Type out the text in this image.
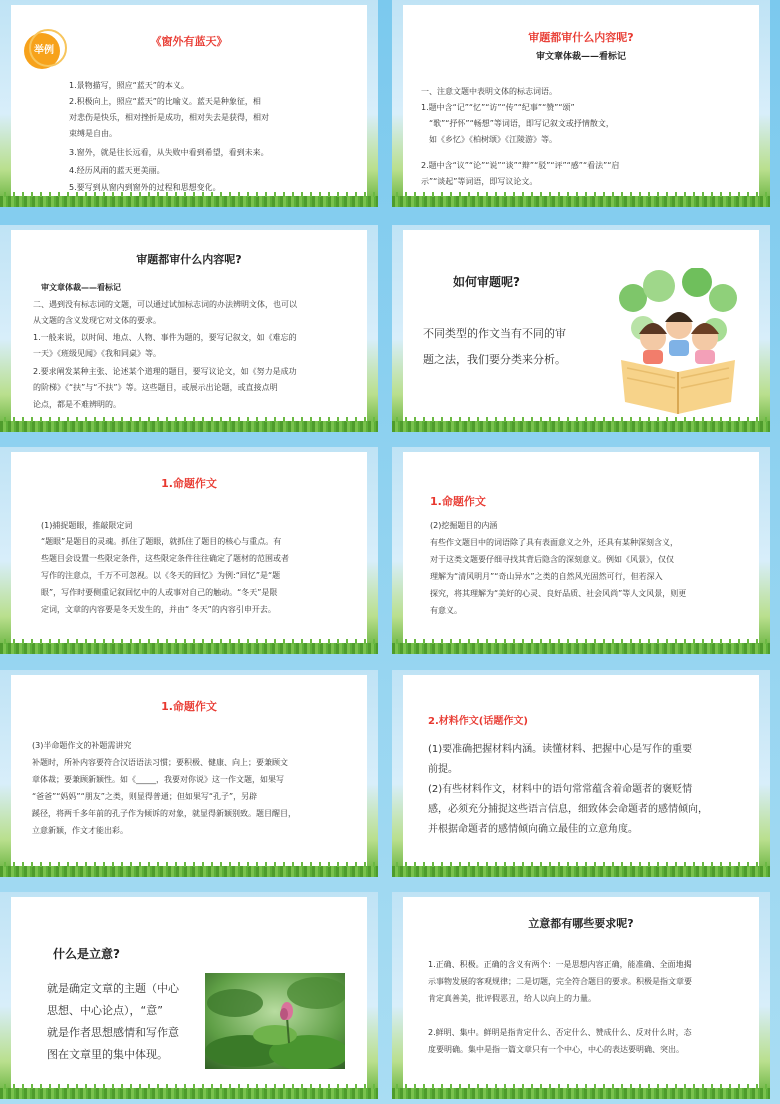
举例
《窗外有蓝天》
1.景物描写，照应“蓝天”的本义。
2.积极向上，照应“蓝天”的比喻义。蓝天是种象征，相
对悲伤是快乐，相对挫折是成功，相对失去是获得，相对
束缚是自由。
3.窗外，就是往长远看，从失败中看到希望，看到未来。
4.经历风雨的蓝天更美丽。
5.要写到从窗内到窗外的过程和思想变化。
审题都审什么内容呢?
审文章体裁——看标记
一、注意文题中表明文体的标志词语。
1.题中含“记”“忆”“访”“传”“纪事”“赞”“颂”
“歌”“抒怀”“畅想”等词语，即写记叙文或抒情散文，
如《乡忆》《柏树颂》《江陵游》等。
2.题中含“议”“论”“说”“谈”“辩”“驳”“评”“感”“看法”“启
示”“谈起”等词语，即写议论文。
审题都审什么内容呢?
审文章体裁——看标记
二、遇到没有标志词的文题，可以通过试加标志词的办法辨明文体，也可以
从文题的含义发现它对文体的要求。
1.一般来说，以时间、地点、人物、事件为题的，要写记叙文，如《难忘的
一天》《班级见闻》《我和同桌》等。
2.要求阐发某种主张、论述某个道理的题目，要写议论文，如《努力是成功
的阶梯》《“扶”与“不扶”》等。这些题目，或展示出论题，或直接点明
论点，都是不难辨明的。
如何审题呢?
不同类型的作文当有不同的审
题之法，我们要分类来分析。
1.命题作文
(1)捕捉题眼，推敲限定词
“题眼”是题目的灵魂。抓住了题眼，就抓住了题目的核心与重点。有
些题目会设置一些限定条件，这些限定条件往往确定了题材的范围或者
写作的注意点，千万不可忽视。以《冬天的回忆》为例:“回忆”是“题
眼”，写作时要侧重记叙回忆中的人或事对自己的触动。“冬天”是限
定词，文章的内容要是冬天发生的，并由“ 冬天”的内容引申开去。
1.命题作文
(2)挖掘题目的内涵
有些作文题目中的词语除了具有表面意义之外，还具有某种深刻含义，
对于这类文题要仔细寻找其背后隐含的深刻意义。例如《风景》，仅仅
理解为“清风明月”“奇山异水”之类的自然风光固然可行，但若深入
探究，将其理解为“美好的心灵、良好品质、社会风尚”等人文风景，则更
有意义。
1.命题作文
(3)半命题作文的补题需讲究
补题时，所补内容要符合汉语语法习惯；要积极、健康、向上；要兼顾文
章体裁；要兼顾新颖性。如《_____，我要对你说》这一作文题，如果写
“爸爸”“妈妈”“朋友”之类，则显得普通；但如果写“孔子”，另辟
蹊径，将两千多年前的孔子作为倾诉的对象，就显得新颖别致。题目醒目，
立意新颖，作文才能出彩。
2.材料作文(话题作文)
(1)要准确把握材料内涵。读懂材料、把握中心是写作的重要
前提。
(2)有些材料作文，材料中的语句常常蕴含着命题者的褒贬情
感，必须充分捕捉这些语言信息，细致体会命题者的感情倾向，
并根据命题者的感情倾向确立最佳的立意角度。
什么是立意?
就是确定文章的主题（中心
思想、中心论点），“意”
就是作者思想感情和写作意
图在文章里的集中体现。
立意都有哪些要求呢?
1.正确、积极。正确的含义有两个：一是思想内容正确，能准确、全面地揭
示事物发展的客观规律；二是切题，完全符合题目的要求。积极是指文章要
肯定真善美，批评假恶丑，给人以向上的力量。
2.鲜明、集中。鲜明是指肯定什么、否定什么、赞成什么、反对什么时，态
度要明确。集中是指一篇文章只有一个中心，中心的表达要明确、突出。
